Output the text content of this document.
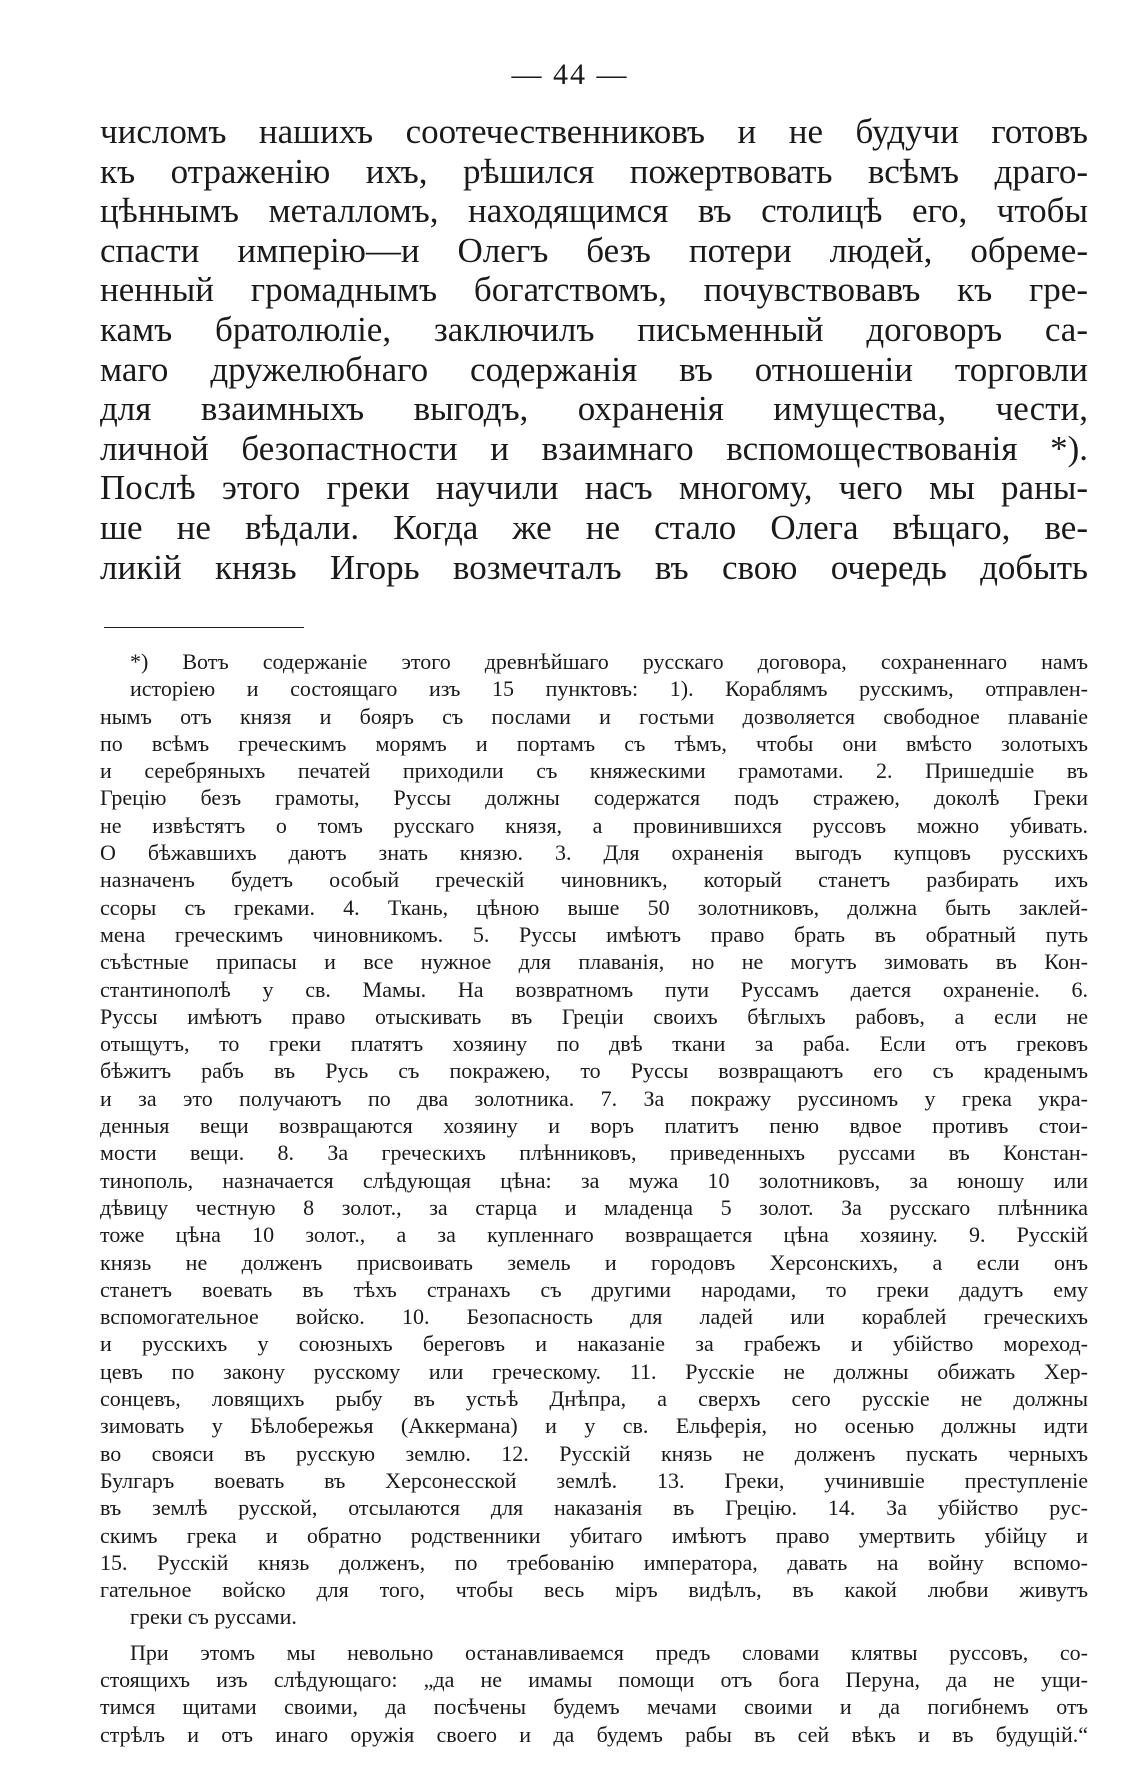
— 44 —
числомъ нашихъ соотечественниковъ и не будучи готовъ
къ отраженію ихъ, рѣшился пожертвовать всѣмъ драго-
цѣннымъ металломъ, находящимся въ столицѣ его, чтобы
спасти имперію—и Олегъ безъ потери людей, обреме-
ненный громаднымъ богатствомъ, почувствовавъ къ гре-
камъ братолюліе, заключилъ письменный договоръ са-
маго дружелюбнаго содержанія въ отношеніи торговли
для взаимныхъ выгодъ, охраненія имущества, чести,
личной безопастности и взаимнаго вспомоществованія *).
Послѣ этого греки научили насъ многому, чего мы раны-
ше не вѣдали. Когда же не стало Олега вѣщаго, ве-
ликій князь Игорь возмечталъ въ свою очередь добыть
*) Вотъ содержаніе этого древнѣйшаго русскаго договора, сохраненнаго намъ
исторіею и состоящаго изъ 15 пунктовъ: 1). Кораблямъ русскимъ, отправлен-
нымъ отъ князя и бояръ съ послами и гостьми дозволяется свободное плаваніе
по всѣмъ греческимъ морямъ и портамъ съ тѣмъ, чтобы они вмѣсто золотыхъ
и серебряныхъ печатей приходили съ княжескими грамотами. 2. Пришедшіе въ
Грецію безъ грамоты, Руссы должны содержатся подъ стражею, доколѣ Греки
не извѣстятъ о томъ русскаго князя, а провинившихся руссовъ можно убивать.
О бѣжавшихъ даютъ знать князю. 3. Для охраненія выгодъ купцовъ русскихъ
назначенъ будетъ особый греческій чиновникъ, который станетъ разбирать ихъ
ссоры съ греками. 4. Ткань, цѣною выше 50 золотниковъ, должна быть заклей-
мена греческимъ чиновникомъ. 5. Руссы имѣютъ право брать въ обратный путь
съѣстные припасы и все нужное для плаванія, но не могутъ зимовать въ Кон-
стантинополѣ у св. Мамы. На возвратномъ пути Руссамъ дается охраненіе. 6.
Руссы имѣютъ право отыскивать въ Греціи своихъ бѣглыхъ рабовъ, а если не
отыщутъ, то греки платятъ хозяину по двѣ ткани за раба. Если отъ грековъ
бѣжитъ рабъ въ Русь съ покражею, то Руссы возвращаютъ его съ краденымъ
и за это получаютъ по два золотника. 7. За покражу руссиномъ у грека укра-
денныя вещи возвращаются хозяину и воръ платитъ пеню вдвое противъ стои-
мости вещи. 8. За греческихъ плѣнниковъ, приведенныхъ руссами въ Констан-
тинополь, назначается слѣдующая цѣна: за мужа 10 золотниковъ, за юношу или
дѣвицу честную 8 золот., за старца и младенца 5 золот. За русскаго плѣнника
тоже цѣна 10 золот., а за купленнаго возвращается цѣна хозяину. 9. Русскій
князь не долженъ присвоивать земель и городовъ Херсонскихъ, а если онъ
станетъ воевать въ тѣхъ странахъ съ другими народами, то греки дадутъ ему
вспомогательное войско. 10. Безопасность для ладей или кораблей греческихъ
и русскихъ у союзныхъ береговъ и наказаніе за грабежъ и убійство мореход-
цевъ по закону русскому или греческому. 11. Русскіе не должны обижать Хер-
сонцевъ, ловящихъ рыбу въ устьѣ Днѣпра, а сверхъ сего русскіе не должны
зимовать у Бѣлобережья (Аккермана) и у св. Ельферія, но осенью должны идти
во свояси въ русскую землю. 12. Русскій князь не долженъ пускать черныхъ
Булгаръ воевать въ Херсонесской землѣ. 13. Греки, учинившіе преступленіе
въ землѣ русской, отсылаются для наказанія въ Грецію. 14. За убійство рус-
скимъ грека и обратно родственники убитаго имѣютъ право умертвить убійцу и
15. Русскій князь долженъ, по требованію императора, давать на войну вспомо-
гательное войско для того, чтобы весь міръ видѣлъ, въ какой любви живутъ
греки съ руссами.
При этомъ мы невольно останавливаемся предъ словами клятвы руссовъ, со-
стоящихъ изъ слѣдующаго: „да не имамы помощи отъ бога Перуна, да не ущи-
тимся щитами своими, да посѣчены будемъ мечами своими и да погибнемъ отъ
стрѣлъ и отъ инаго оружія своего и да будемъ рабы въ сей вѣкъ и въ будущій.“
